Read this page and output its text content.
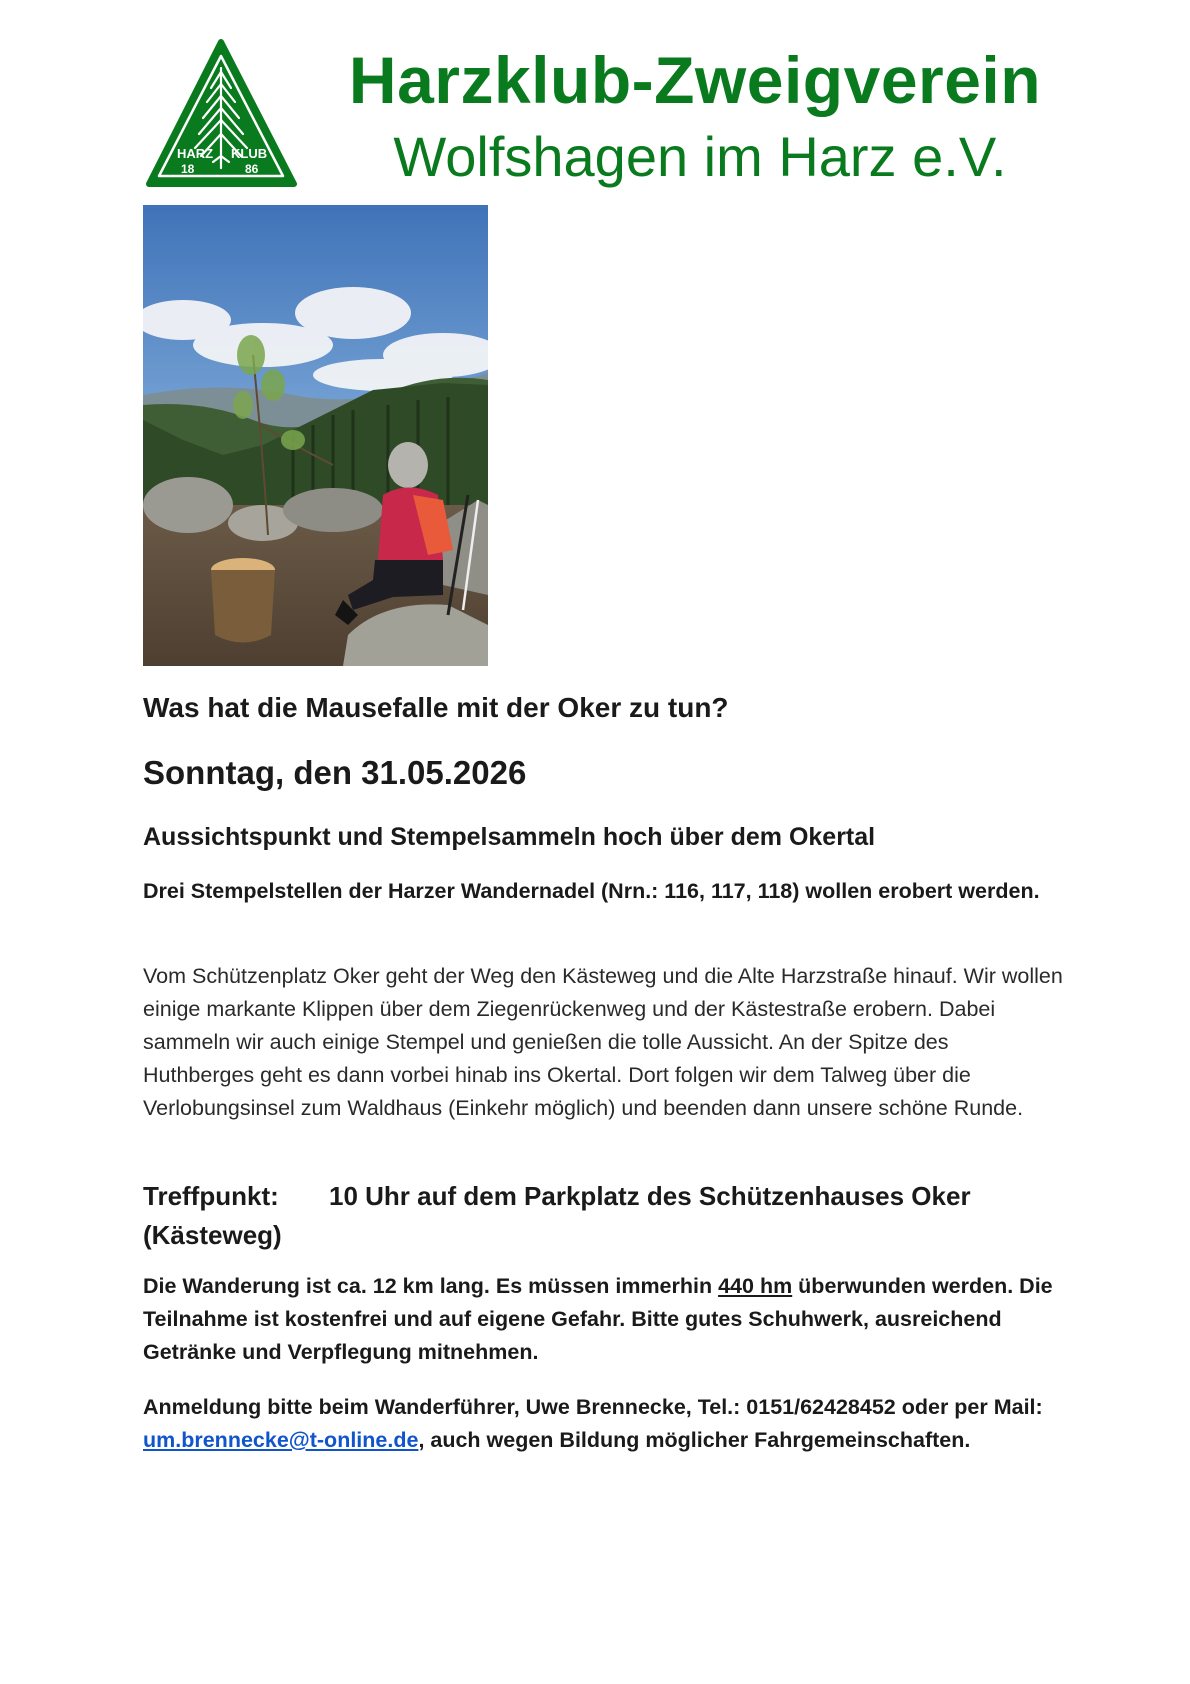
HARZ KLUB
18	86
Harzklub-Zweigverein
Wolfshagen im Harz e.V.
Was hat die Mausefalle mit der Oker zu tun?
Sonntag, den 31.05.2026
Aussichtspunkt und Stempelsammeln hoch über dem Okertal
Drei Stempelstellen der Harzer Wandernadel (Nrn.: 116, 117, 118) wollen erobert werden.
Vom Schützenplatz Oker geht der Weg den Kästeweg und die Alte Harzstraße hinauf. Wir wollen einige markante Klippen über dem Ziegenrückenweg und der Kästestraße erobern. Dabei sammeln wir auch einige Stempel und genießen die tolle Aussicht. An der Spitze des Huthberges geht es dann vorbei hinab ins Okertal. Dort folgen wir dem Talweg über die Verlobungsinsel zum Waldhaus (Einkehr möglich) und beenden dann unsere schöne Runde.
Treffpunkt: 10 Uhr auf dem Parkplatz des Schützenhauses Oker (Kästeweg)
Die Wanderung ist ca. 12 km lang. Es müssen immerhin 440 hm überwunden werden. Die Teilnahme ist kostenfrei und auf eigene Gefahr. Bitte gutes Schuhwerk, ausreichend Getränke und Verpflegung mitnehmen.
Anmeldung bitte beim Wanderführer, Uwe Brennecke, Tel.: 0151/62428452 oder per Mail: um.brennecke@t-online.de, auch wegen Bildung möglicher Fahrgemeinschaften.
